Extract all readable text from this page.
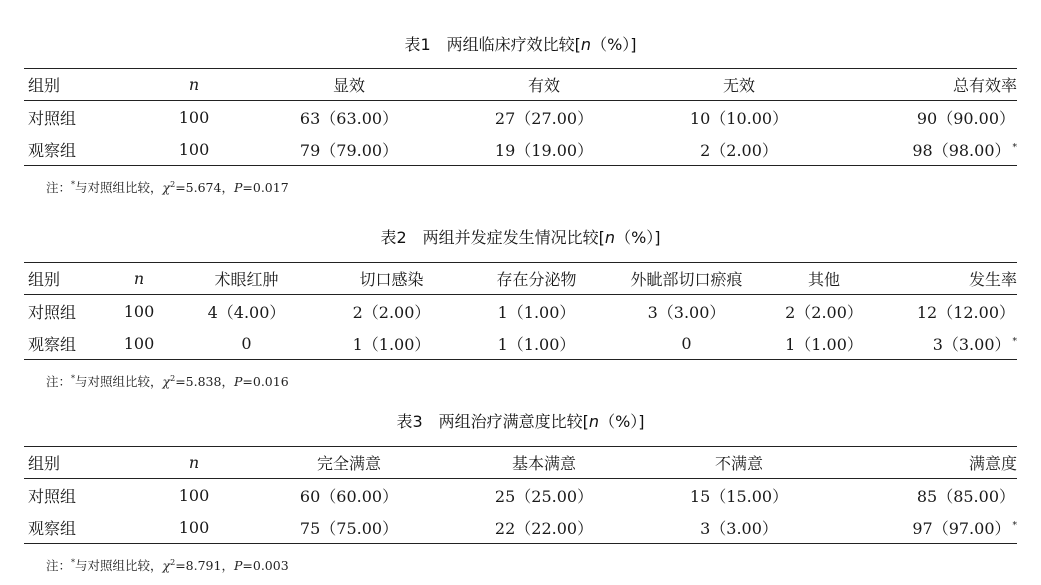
表1　两组临床疗效比较[n（%）]
组别	n	显效	有效	无效	总有效率
对照组	100	63（63.00）	27（27.00）	10（10.00）	90（90.00）
观察组	100	79（79.00）	19（19.00）	2（2.00）	98（98.00） *
注：*与对照组比较，$\chi^2=5.674$，P=0.017
表2　两组并发症发生情况比较[n（%）]
组别	n	术眼红肿	切口感染	存在分泌物	外眦部切口瘀痕	其他	发生率
对照组	100	4（4.00）	2（2.00）	1（1.00）	3（3.00）	2（2.00）	12（12.00）
观察组	100	0	1（1.00）	1（1.00）	0	1（1.00）	3（3.00） *
注：*与对照组比较，$\chi^2=5.838$，P=0.016
表3　两组治疗满意度比较[n（%）]
组别	n	完全满意	基本满意	不满意	满意度
对照组	100	60（60.00）	25（25.00）	15（15.00）	85（85.00）
观察组	100	75（75.00）	22（22.00）	3（3.00）	97（97.00） *
注：*与对照组比较，$\chi^2=8.791$，P=0.003
